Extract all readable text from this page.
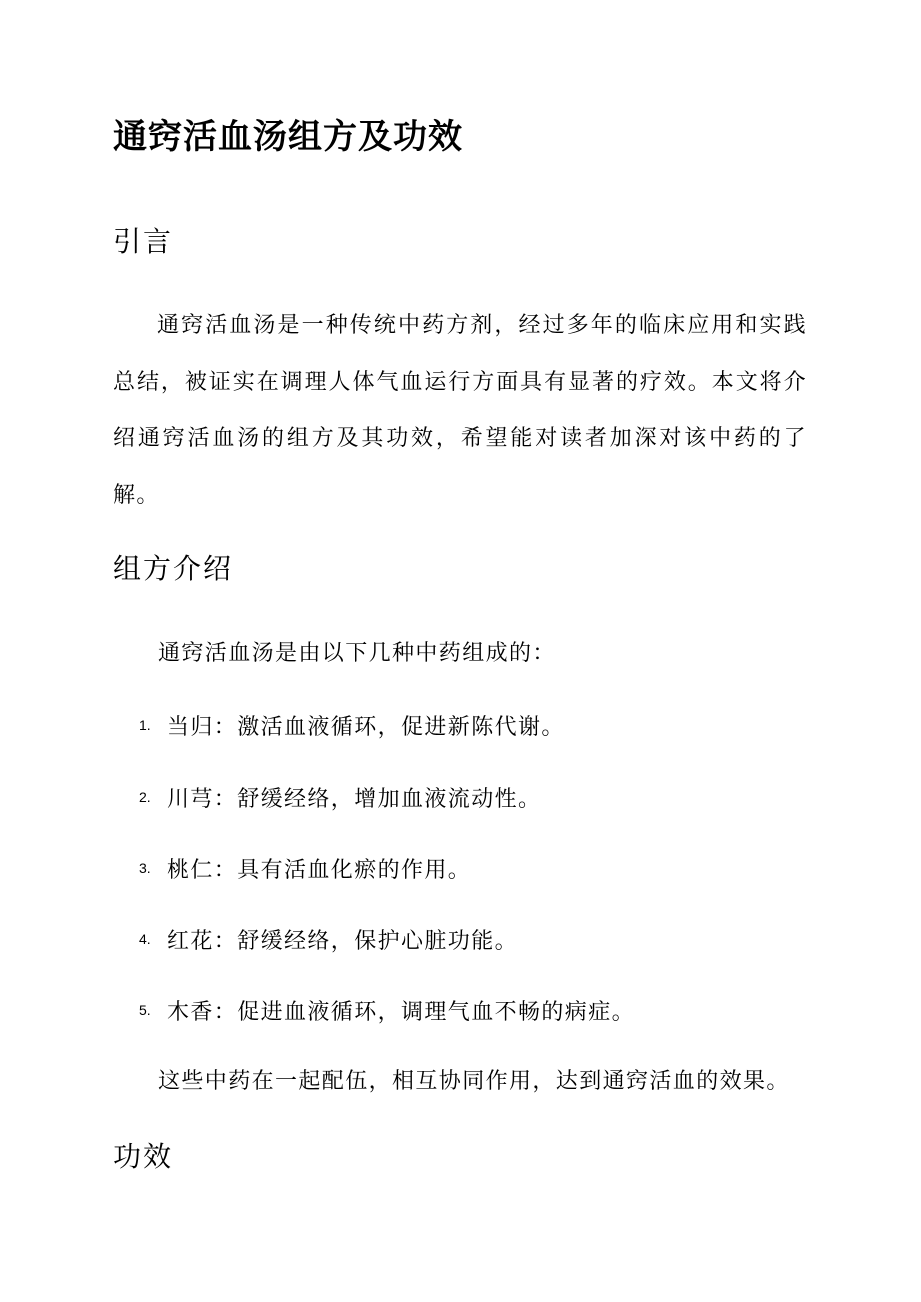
通窍活血汤组方及功效
引言

通窍活血汤是一种传统中药方剂，经过多年的临床应用和实践总结，被证实在调理人体气血运行方面具有显著的疗效。本文将介绍通窍活血汤的组方及其功效，希望能对读者加深对该中药的了解。

组方介绍

通窍活血汤是由以下几种中药组成的：

1. 当归：激活血液循环，促进新陈代谢。
2. 川芎：舒缓经络，增加血液流动性。
3. 桃仁：具有活血化瘀的作用。
4. 红花：舒缓经络，保护心脏功能。
5. 木香：促进血液循环，调理气血不畅的病症。

这些中药在一起配伍，相互协同作用，达到通窍活血的效果。

功效
